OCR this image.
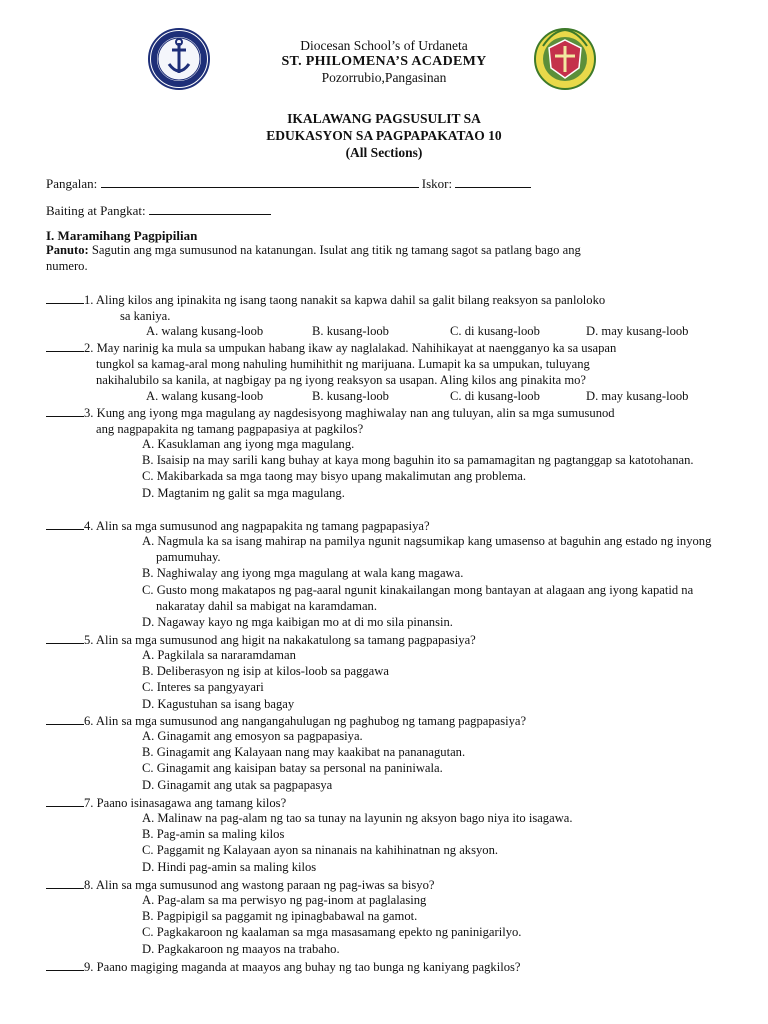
Diocesan School’s of Urdaneta
ST. PHILOMENA’S ACADEMY
Pozorrubio,Pangasinan
IKALAWANG PAGSUSULIT SA
EDUKASYON SA PAGPAPAKATAO 10
(All Sections)
Pangalan:	Iskor:
Baiting at Pangkat:
I. Maramihang Pagpipilian
Panuto: Sagutin ang mga sumusunod na katanungan. Isulat ang titik ng tamang sagot sa patlang bago ang
numero.
1. Aling kilos ang ipinakita ng isang taong nanakit sa kapwa dahil sa galit bilang reaksyon sa panloloko
sa kaniya.
A. walang kusang-loob	B. kusang-loob	C. di kusang-loob	D. may kusang-loob
2. May narinig ka mula sa umpukan habang ikaw ay naglalakad. Nahihikayat at naengganyo ka sa usapan
tungkol sa kamag-aral mong nahuling humihithit ng marijuana. Lumapit ka sa umpukan, tuluyang
nakihalubilo sa kanila, at nagbigay pa ng iyong reaksyon sa usapan. Aling kilos ang pinakita mo?
A. walang kusang-loob	B. kusang-loob	C. di kusang-loob	D. may kusang-loob
3. Kung ang iyong mga magulang ay nagdesisyong maghiwalay nan ang tuluyan, alin sa mga sumusunod
ang nagpapakita ng tamang pagpapasiya at pagkilos?
A. Kasuklaman ang iyong mga magulang.
B. Isaisip na may sarili kang buhay at kaya mong baguhin ito sa pamamagitan ng pagtanggap sa katotohanan.
C. Makibarkada sa mga taong may bisyo upang makalimutan ang problema.
D. Magtanim ng galit sa mga magulang.
4. Alin sa mga sumusunod ang nagpapakita ng tamang pagpapasiya?
A. Nagmula ka sa isang mahirap na pamilya ngunit nagsumikap kang umasenso at baguhin ang estado ng inyong pamumuhay.
B. Naghiwalay ang iyong mga magulang at wala kang magawa.
C. Gusto mong makatapos ng pag-aaral ngunit kinakailangan mong bantayan at alagaan ang iyong kapatid na nakaratay dahil sa mabigat na karamdaman.
D. Nagaway kayo ng mga kaibigan mo at di mo sila pinansin.
5. Alin sa mga sumusunod ang higit na nakakatulong sa tamang pagpapasiya?
A. Pagkilala sa nararamdaman
B. Deliberasyon ng isip at kilos-loob sa paggawa
C. Interes sa pangyayari
D. Kagustuhan sa isang bagay
6. Alin sa mga sumusunod ang nangangahulugan ng paghubog ng tamang pagpapasiya?
A. Ginagamit ang emosyon sa pagpapasiya.
B. Ginagamit ang Kalayaan nang may kaakibat na pananagutan.
C. Ginagamit ang kaisipan batay sa personal na paniniwala.
D. Ginagamit ang utak sa pagpapasya
7. Paano isinasagawa ang tamang kilos?
A. Malinaw na pag-alam ng tao sa tunay na layunin ng aksyon bago niya ito isagawa.
B. Pag-amin sa maling kilos
C. Paggamit ng Kalayaan ayon sa ninanais na kahihinatnan ng aksyon.
D. Hindi pag-amin sa maling kilos
8. Alin sa mga sumusunod ang wastong paraan ng pag-iwas sa bisyo?
A. Pag-alam sa ma perwisyo ng pag-inom at paglalasing
B. Pagpipigil sa paggamit ng ipinagbabawal na gamot.
C. Pagkakaroon ng kaalaman sa mga masasamang epekto ng paninigarilyo.
D. Pagkakaroon ng maayos na trabaho.
9. Paano magiging maganda at maayos ang buhay ng tao bunga ng kaniyang pagkilos?
